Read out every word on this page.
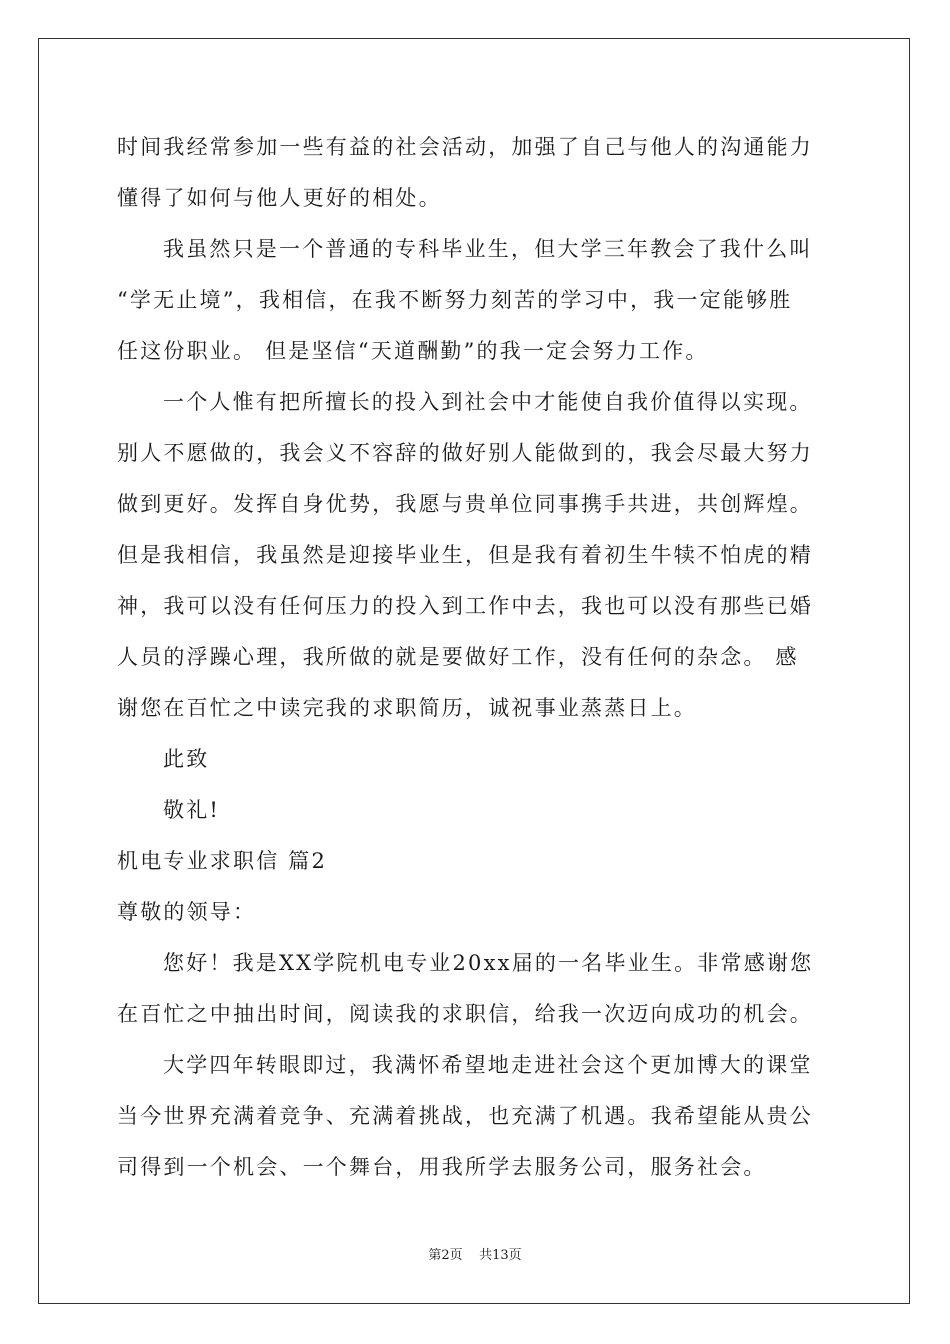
时间我经常参加一些有益的社会活动，加强了自己与他人的沟通能力
懂得了如何与他人更好的相处。
我虽然只是一个普通的专科毕业生，但大学三年教会了我什么叫
“学无止境”，我相信，在我不断努力刻苦的学习中，我一定能够胜
任这份职业。 但是坚信“天道酬勤”的我一定会努力工作。
一个人惟有把所擅长的投入到社会中才能使自我价值得以实现。
别人不愿做的，我会义不容辞的做好别人能做到的，我会尽最大努力
做到更好。发挥自身优势，我愿与贵单位同事携手共进，共创辉煌。
但是我相信，我虽然是迎接毕业生，但是我有着初生牛犊不怕虎的精
神，我可以没有任何压力的投入到工作中去，我也可以没有那些已婚
人员的浮躁心理，我所做的就是要做好工作，没有任何的杂念。 感
谢您在百忙之中读完我的求职简历，诚祝事业蒸蒸日上。
此致
敬礼!
机电专业求职信 篇2
尊敬的领导：
您好！我是XX学院机电专业20xx届的一名毕业生。非常感谢您
在百忙之中抽出时间，阅读我的求职信，给我一次迈向成功的机会。
大学四年转眼即过，我满怀希望地走进社会这个更加博大的课堂
当今世界充满着竞争、充满着挑战，也充满了机遇。我希望能从贵公
司得到一个机会、一个舞台，用我所学去服务公司，服务社会。
第2页    共13页
